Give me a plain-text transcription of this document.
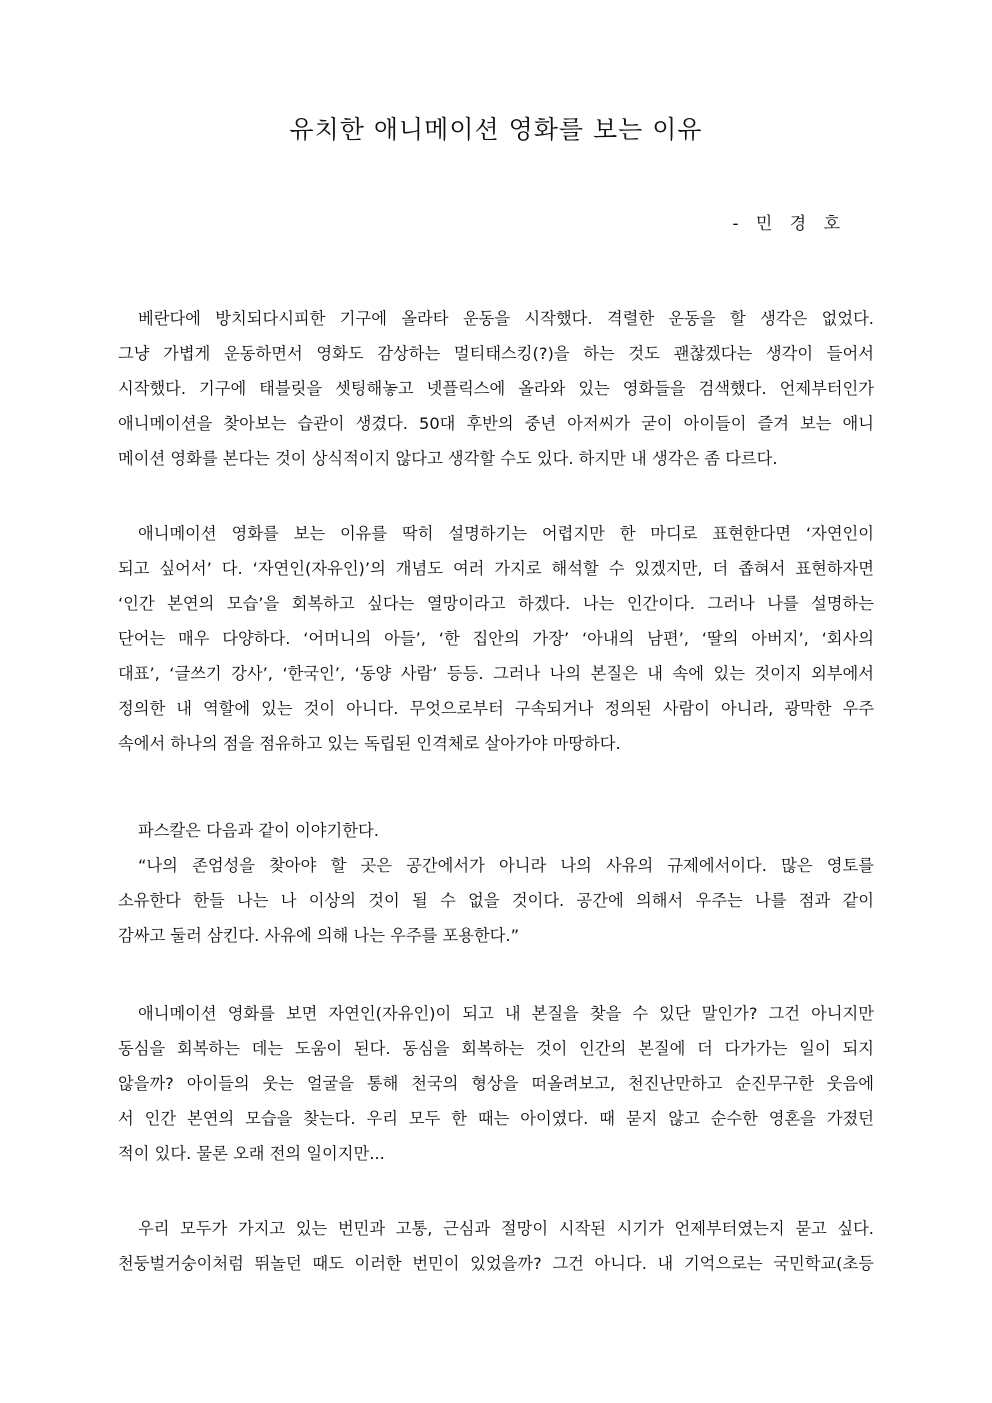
유치한 애니메이션 영화를 보는 이유
- 민 경 호
베란다에 방치되다시피한 기구에 올라타 운동을 시작했다. 격렬한 운동을 할 생각은 없었다.
그냥 가볍게 운동하면서 영화도 감상하는 멀티태스킹(?)을 하는 것도 괜찮겠다는 생각이 들어서
시작했다. 기구에 태블릿을 셋팅해놓고 넷플릭스에 올라와 있는 영화들을 검색했다. 언제부터인가
애니메이션을 찾아보는 습관이 생겼다. 50대 후반의 중년 아저씨가 굳이 아이들이 즐겨 보는 애니
메이션 영화를 본다는 것이 상식적이지 않다고 생각할 수도 있다. 하지만 내 생각은 좀 다르다.
애니메이션 영화를 보는 이유를 딱히 설명하기는 어렵지만 한 마디로 표현한다면 ‘자연인이
되고 싶어서’ 다. ‘자연인(자유인)’의 개념도 여러 가지로 해석할 수 있겠지만, 더 좁혀서 표현하자면
‘인간 본연의 모습’을 회복하고 싶다는 열망이라고 하겠다. 나는 인간이다. 그러나 나를 설명하는
단어는 매우 다양하다. ‘어머니의 아들’, ‘한 집안의 가장’ ‘아내의 남편’, ‘딸의 아버지’, ‘회사의
대표’, ‘글쓰기 강사’, ‘한국인’, ‘동양 사람’ 등등. 그러나 나의 본질은 내 속에 있는 것이지 외부에서
정의한 내 역할에 있는 것이 아니다. 무엇으로부터 구속되거나 정의된 사람이 아니라, 광막한 우주
속에서 하나의 점을 점유하고 있는 독립된 인격체로 살아가야 마땅하다.
파스칼은 다음과 같이 이야기한다.
“나의 존엄성을 찾아야 할 곳은 공간에서가 아니라 나의 사유의 규제에서이다. 많은 영토를
소유한다 한들 나는 나 이상의 것이 될 수 없을 것이다. 공간에 의해서 우주는 나를 점과 같이
감싸고 둘러 삼킨다. 사유에 의해 나는 우주를 포용한다.”
애니메이션 영화를 보면 자연인(자유인)이 되고 내 본질을 찾을 수 있단 말인가? 그건 아니지만
동심을 회복하는 데는 도움이 된다. 동심을 회복하는 것이 인간의 본질에 더 다가가는 일이 되지
않을까? 아이들의 웃는 얼굴을 통해 천국의 형상을 떠올려보고, 천진난만하고 순진무구한 웃음에
서 인간 본연의 모습을 찾는다. 우리 모두 한 때는 아이였다. 때 묻지 않고 순수한 영혼을 가졌던
적이 있다. 물론 오래 전의 일이지만...
우리 모두가 가지고 있는 번민과 고통, 근심과 절망이 시작된 시기가 언제부터였는지 묻고 싶다.
천둥벌거숭이처럼 뛰놀던 때도 이러한 번민이 있었을까? 그건 아니다. 내 기억으로는 국민학교(초등
